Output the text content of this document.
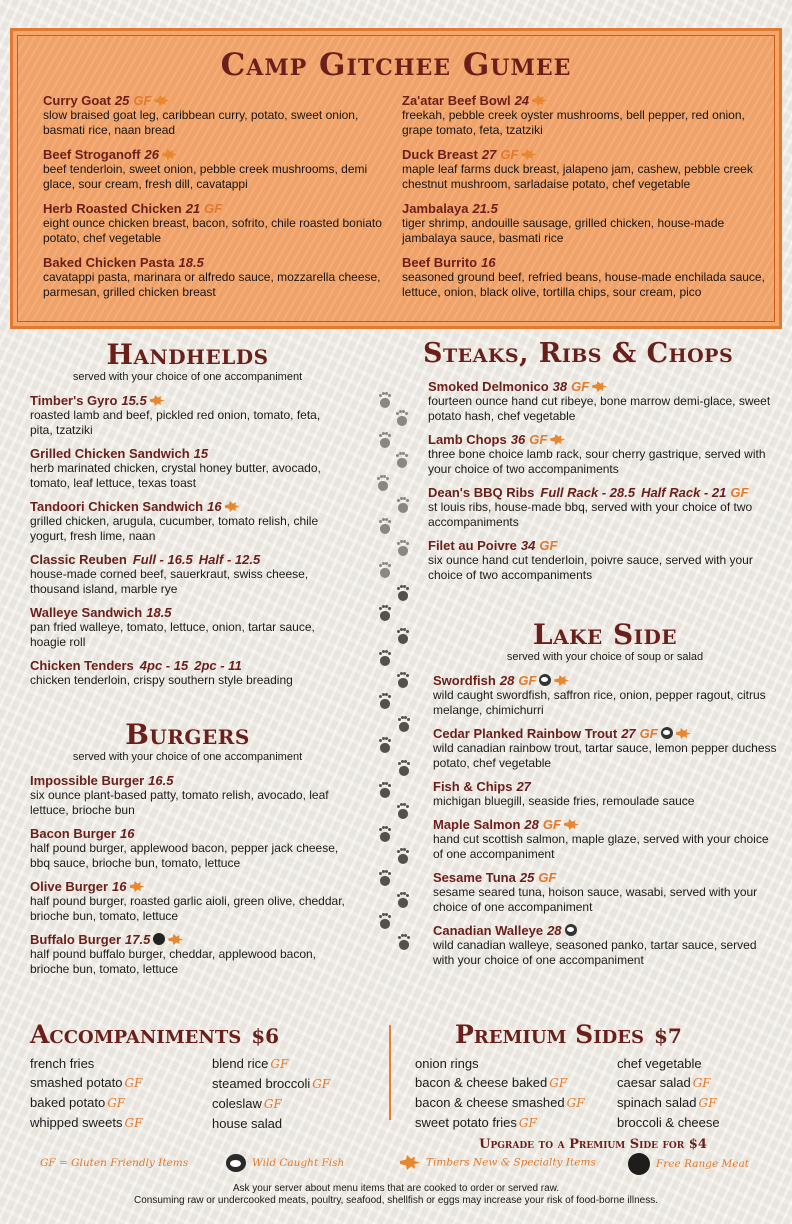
Camp Gitchee Gumee
Curry Goat 25 GF
slow braised goat leg, caribbean curry, potato, sweet onion, basmati rice, naan bread
Beef Stroganoff 26
beef tenderloin, sweet onion, pebble creek mushrooms, demi glace, sour cream, fresh dill, cavatappi
Herb Roasted Chicken 21 GF
eight ounce chicken breast, bacon, sofrito, chile roasted boniato potato, chef vegetable
Baked Chicken Pasta 18.5
cavatappi pasta, marinara or alfredo sauce, mozzarella cheese, parmesan, grilled chicken breast
Za'atar Beef Bowl 24
freekah, pebble creek oyster mushrooms, bell pepper, red onion, grape tomato, feta, tzatziki
Duck Breast 27 GF
maple leaf farms duck breast, jalapeno jam, cashew, pebble creek chestnut mushroom, sarladaise potato, chef vegetable
Jambalaya 21.5
tiger shrimp, andouille sausage, grilled chicken, house-made jambalaya sauce, basmati rice
Beef Burrito 16
seasoned ground beef, refried beans, house-made enchilada sauce, lettuce, onion, black olive, tortilla chips, sour cream, pico
Handhelds
served with your choice of one accompaniment
Timber's Gyro 15.5
roasted lamb and beef, pickled red onion, tomato, feta, pita, tzatziki
Grilled Chicken Sandwich 15
herb marinated chicken, crystal honey butter, avocado, tomato, leaf lettuce, texas toast
Tandoori Chicken Sandwich 16
grilled chicken, arugula, cucumber, tomato relish, chile yogurt, fresh lime, naan
Classic Reuben Full - 16.5 Half - 12.5
house-made corned beef, sauerkraut, swiss cheese, thousand island, marble rye
Walleye Sandwich 18.5
pan fried walleye, tomato, lettuce, onion, tartar sauce, hoagie roll
Chicken Tenders 4pc - 15 2pc - 11
chicken tenderloin, crispy southern style breading
Burgers
served with your choice of one accompaniment
Impossible Burger 16.5
six ounce plant-based patty, tomato relish, avocado, leaf lettuce, brioche bun
Bacon Burger 16
half pound burger, applewood bacon, pepper jack cheese, bbq sauce, brioche bun, tomato, lettuce
Olive Burger 16
half pound burger, roasted garlic aioli, green olive, cheddar, brioche bun, tomato, lettuce
Buffalo Burger 17.5
half pound buffalo burger, cheddar, applewood bacon, brioche bun, tomato, lettuce
Steaks, Ribs & Chops
Smoked Delmonico 38 GF
fourteen ounce hand cut ribeye, bone marrow demi-glace, sweet potato hash, chef vegetable
Lamb Chops 36 GF
three bone choice lamb rack, sour cherry gastrique, served with your choice of two accompaniments
Dean's BBQ Ribs Full Rack - 28.5 Half Rack - 21 GF
st louis ribs, house-made bbq, served with your choice of two accompaniments
Filet au Poivre 34 GF
six ounce hand cut tenderloin, poivre sauce, served with your choice of two accompaniments
Lake Side
served with your choice of soup or salad
Swordfish 28 GF
wild caught swordfish, saffron rice, onion, pepper ragout, citrus melange, chimichurri
Cedar Planked Rainbow Trout 27 GF
wild canadian rainbow trout, tartar sauce, lemon pepper duchess potato, chef vegetable
Fish & Chips 27
michigan bluegill, seaside fries, remoulade sauce
Maple Salmon 28 GF
hand cut scottish salmon, maple glaze, served with your choice of one accompaniment
Sesame Tuna 25 GF
sesame seared tuna, hoison sauce, wasabi, served with your choice of one accompaniment
Canadian Walleye 28
wild canadian walleye, seasoned panko, tartar sauce, served with your choice of one accompaniment
Accompaniments $6
french fries
smashed potato GF
baked potato GF
whipped sweets GF
blend rice GF
steamed broccoli GF
coleslaw GF
house salad
Premium Sides $7
onion rings
bacon & cheese baked GF
bacon & cheese smashed GF
sweet potato fries GF
chef vegetable
caesar salad GF
spinach salad GF
broccoli & cheese
Upgrade to a Premium Side for $4
GF = Gluten Friendly Items	Wild Caught Fish	Timbers New & Specialty Items	Free Range Meat
Ask your server about menu items that are cooked to order or served raw.
Consuming raw or undercooked meats, poultry, seafood, shellfish or eggs may increase your risk of food-borne illness.
